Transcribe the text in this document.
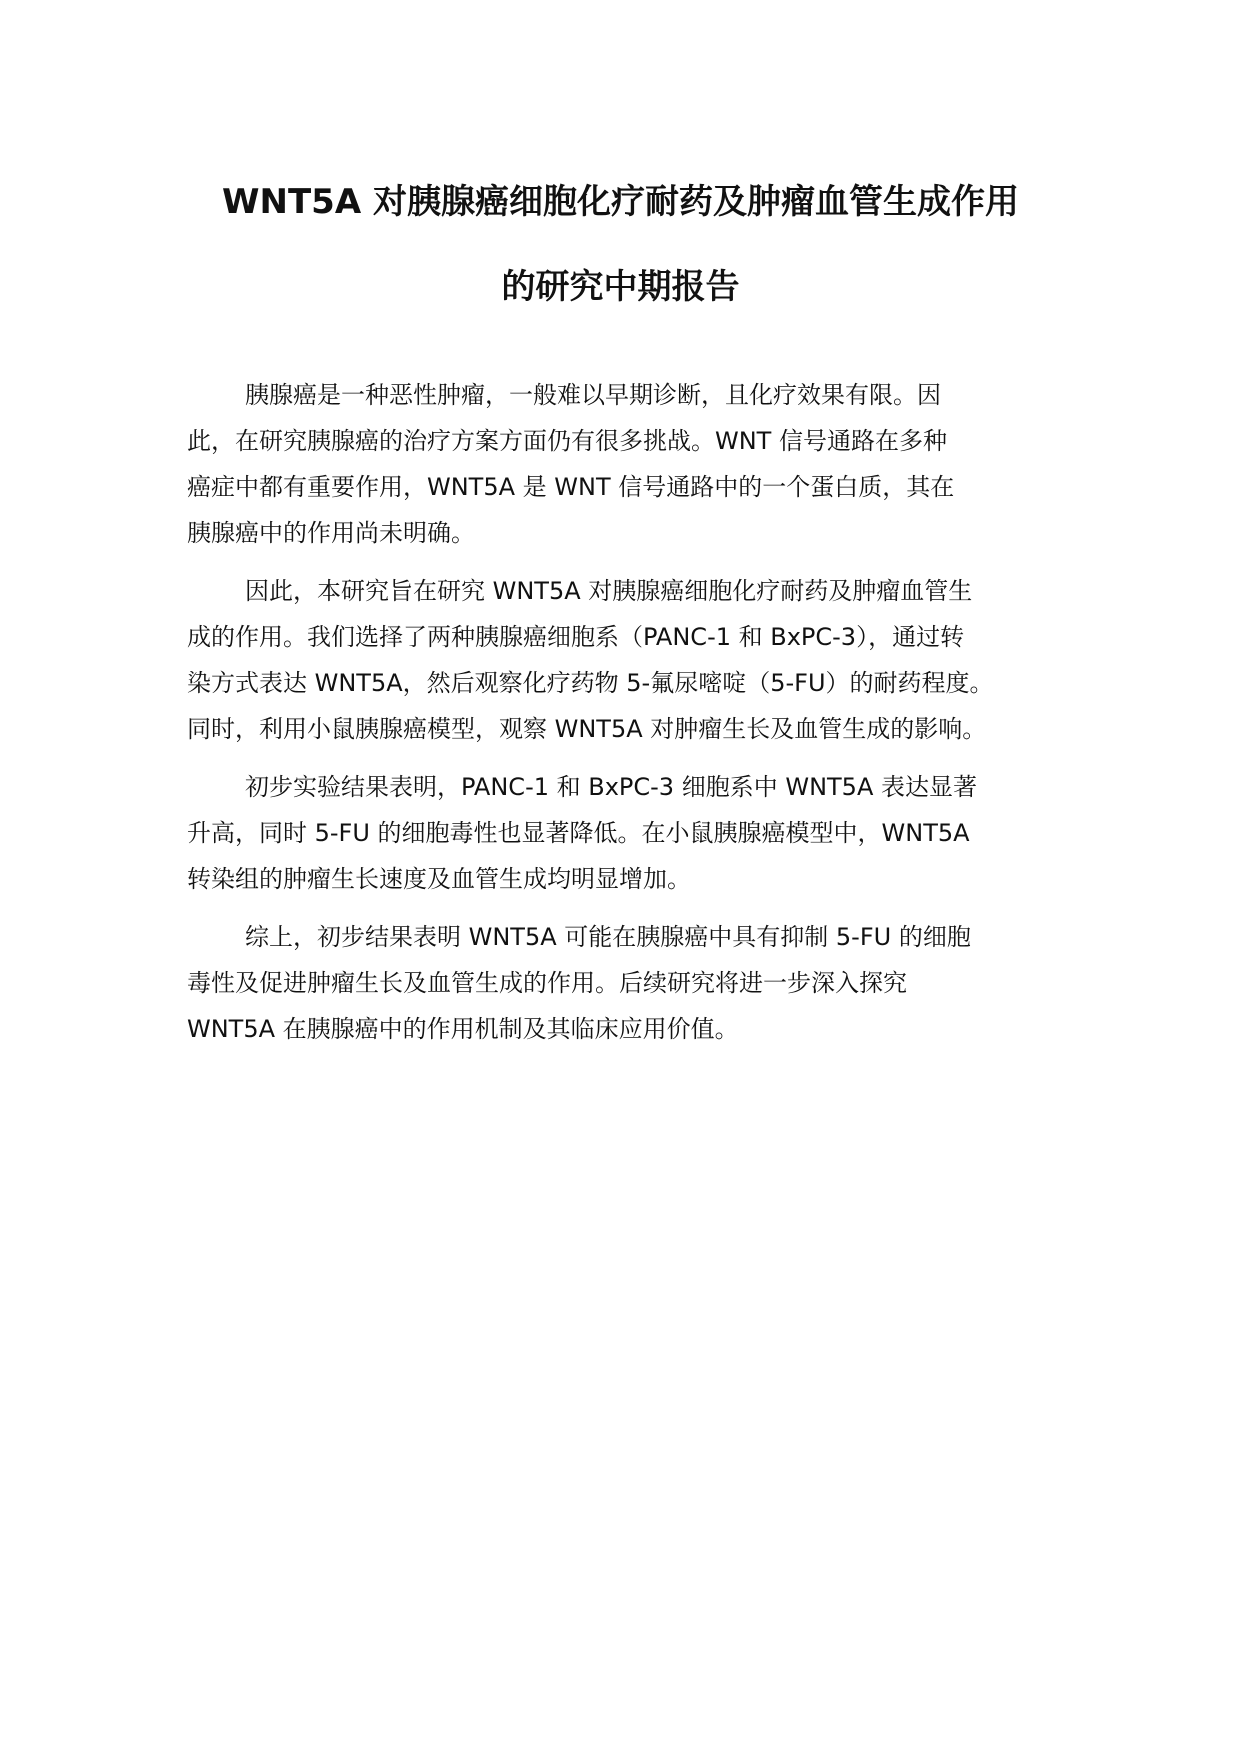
WNT5A 对胰腺癌细胞化疗耐药及肿瘤血管生成作用
的研究中期报告
胰腺癌是一种恶性肿瘤，一般难以早期诊断，且化疗效果有限。因
此，在研究胰腺癌的治疗方案方面仍有很多挑战。WNT 信号通路在多种
癌症中都有重要作用，WNT5A 是 WNT 信号通路中的一个蛋白质，其在
胰腺癌中的作用尚未明确。
因此，本研究旨在研究 WNT5A 对胰腺癌细胞化疗耐药及肿瘤血管生
成的作用。我们选择了两种胰腺癌细胞系（PANC-1 和 BxPC-3），通过转
染方式表达 WNT5A，然后观察化疗药物 5-氟尿嘧啶（5-FU）的耐药程度。
同时，利用小鼠胰腺癌模型，观察 WNT5A 对肿瘤生长及血管生成的影响。
初步实验结果表明，PANC-1 和 BxPC-3 细胞系中 WNT5A 表达显著
升高，同时 5-FU 的细胞毒性也显著降低。在小鼠胰腺癌模型中，WNT5A
转染组的肿瘤生长速度及血管生成均明显增加。
综上，初步结果表明 WNT5A 可能在胰腺癌中具有抑制 5-FU 的细胞
毒性及促进肿瘤生长及血管生成的作用。后续研究将进一步深入探究
WNT5A 在胰腺癌中的作用机制及其临床应用价值。
